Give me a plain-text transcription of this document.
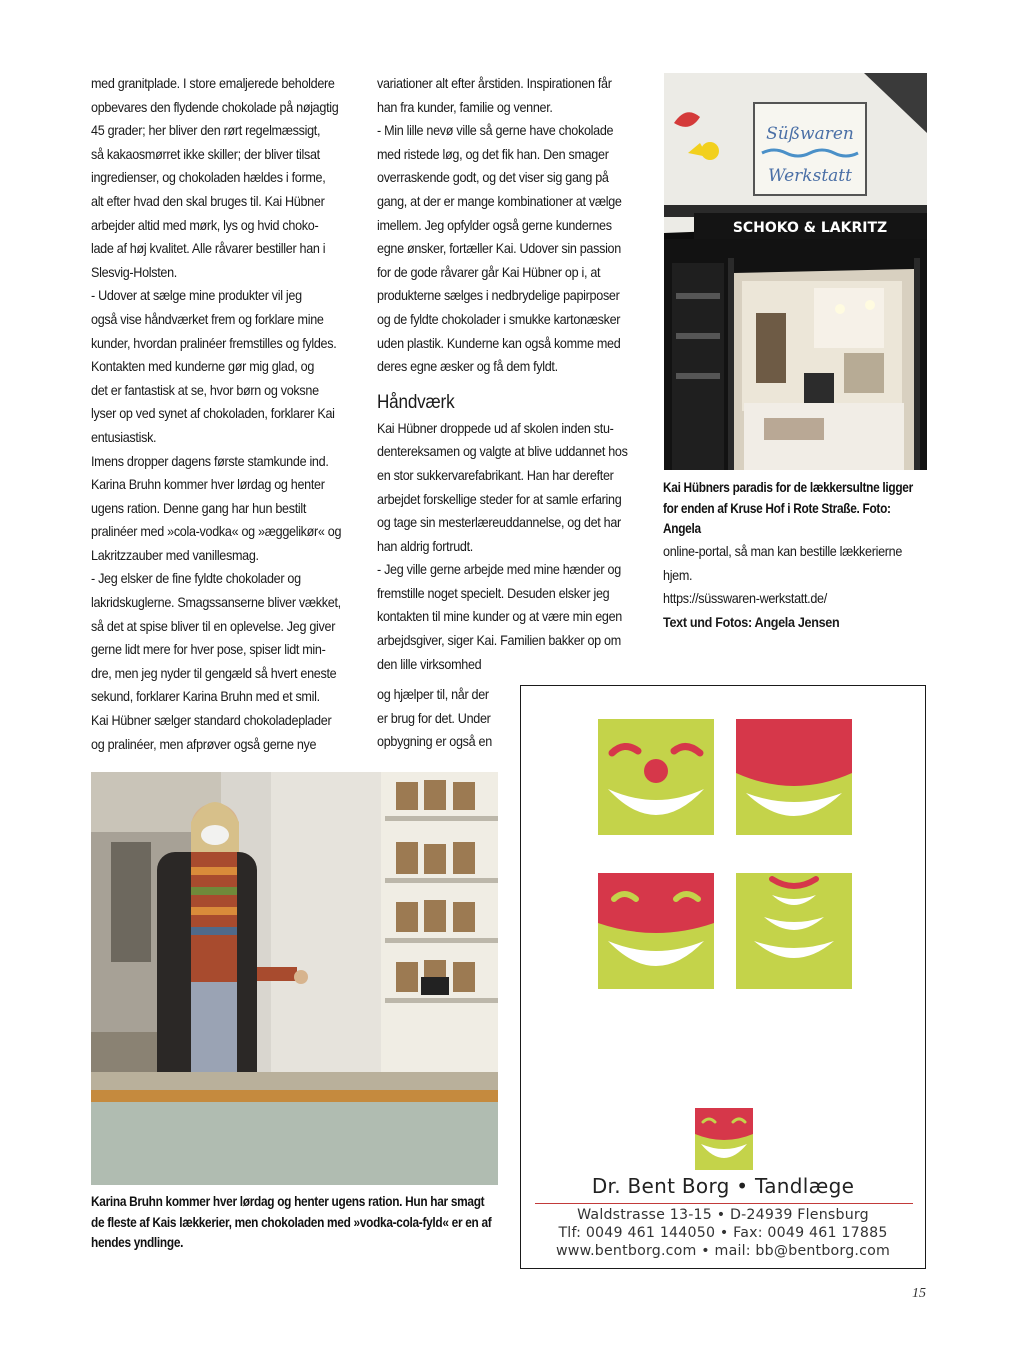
med granitplade. I store emaljerede beholdere

opbevares den flydende chokolade på nøjagtig

45 grader; her bliver den rørt regelmæssigt,

så kakaosmørret ikke skiller; der bliver tilsat

ingredienser, og chokoladen hældes i forme,

alt efter hvad den skal bruges til. Kai Hübner

arbejder altid med mørk, lys og hvid choko-

lade af høj kvalitet. Alle råvarer bestiller han i

Slesvig-Holsten.

- Udover at sælge mine produkter vil jeg

også vise håndværket frem og forklare mine

kunder, hvordan pralinéer fremstilles og fyldes.

Kontakten med kunderne gør mig glad, og

det er fantastisk at se, hvor børn og voksne

lyser op ved synet af chokoladen, forklarer Kai

entusiastisk.

Imens dropper dagens første stamkunde ind.

Karina Bruhn kommer hver lørdag og henter

ugens ration. Denne gang har hun bestilt

pralinéer med »cola-vodka« og »æggelikør« og

Lakritzzauber med vanillesmag.

- Jeg elsker de fine fyldte chokolader og

lakridskuglerne. Smagssanserne bliver vækket,

så det at spise bliver til en oplevelse. Jeg giver

gerne lidt mere for hver pose, spiser lidt min-

dre, men jeg nyder til gengæld så hvert eneste

sekund, forklarer Karina Bruhn med et smil.

Kai Hübner sælger standard chokoladeplader

og pralinéer, men afprøver også gerne nye

variationer alt efter årstiden. Inspirationen får

han fra kunder, familie og venner.

- Min lille nevø ville så gerne have chokolade

med ristede løg, og det fik han. Den smager

overraskende godt, og det viser sig gang på

gang, at der er mange kombinationer at vælge

imellem. Jeg opfylder også gerne kundernes

egne ønsker, fortæller Kai. Udover sin passion

for de gode råvarer går Kai Hübner op i, at

produkterne sælges i nedbrydelige papirposer

og de fyldte chokolader i smukke kartonæsker

uden plastik. Kunderne kan også komme med

deres egne æsker og få dem fyldt.

Håndværk

Kai Hübner droppede ud af skolen inden stu-

dentereksamen og valgte at blive uddannet hos

en stor sukkervarefabrikant. Han har derefter

arbejdet forskellige steder for at samle erfaring

og tage sin mesterlæreuddannelse, og det har

han aldrig fortrudt.

- Jeg ville gerne arbejde med mine hænder og

fremstille noget specielt. Desuden elsker jeg

kontakten til mine kunder og at være min egen

arbejdsgiver, siger Kai. Familien bakker op om

den lille virksomhed

og hjælper til, når der

er brug for det. Under

opbygning er også en

online-portal, så man kan bestille lækkerierne

hjem.

https://süsswaren-werkstatt.de/

Text und Fotos: Angela Jensen

Süßwaren
Werkstatt
SCHOKO & LAKRITZ
Kai Hübners paradis for de lækkersultne ligger for enden af Kruse Hof i Rote Straße. Foto: Angela
Karina Bruhn kommer hver lørdag og henter ugens ration. Hun har smagt de fleste af Kais lækkerier, men chokoladen med »vodka-cola-fyld« er en af hendes yndlinge.
Dr. Bent Borg • Tandlæge
Waldstrasse 13-15 • D-24939 Flensburg
Tlf: 0049 461 144050 • Fax: 0049 461 17885
www.bentborg.com • mail: bb@bentborg.com
15
